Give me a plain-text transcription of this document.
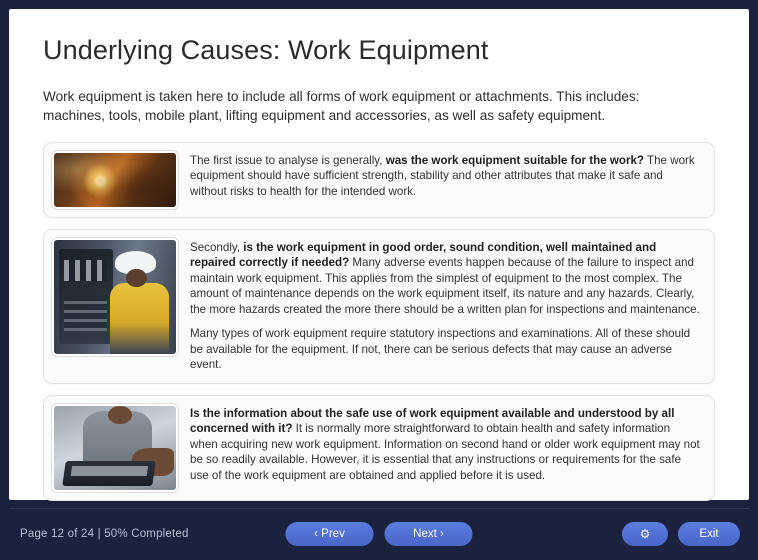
Underlying Causes: Work Equipment

Work equipment is taken here to include all forms of work equipment or attachments. This includes: machines, tools, mobile plant, lifting equipment and accessories, as well as safety equipment.

The first issue to analyse is generally, was the work equipment suitable for the work? The work equipment should have sufficient strength, stability and other attributes that make it safe and without risks to health for the intended work.

Secondly, is the work equipment in good order, sound condition, well maintained and repaired correctly if needed? Many adverse events happen because of the failure to inspect and maintain work equipment. This applies from the simplest of equipment to the most complex. The amount of maintenance depends on the work equipment itself, its nature and any hazards. Clearly, the more hazards created the more there should be a written plan for inspections and maintenance.

Many types of work equipment require statutory inspections and examinations. All of these should be available for the equipment. If not, there can be serious defects that may cause an adverse event.

Is the information about the safe use of work equipment available and understood by all concerned with it? It is normally more straightforward to obtain health and safety information when acquiring new work equipment. Information on second hand or older work equipment may not be so readily available. However, it is essential that any instructions or requirements for the safe use of the work equipment are obtained and applied before it is used.

Page 12 of 24 | 50% Completed	‹ Prev	Next ›	⚙	Exit
